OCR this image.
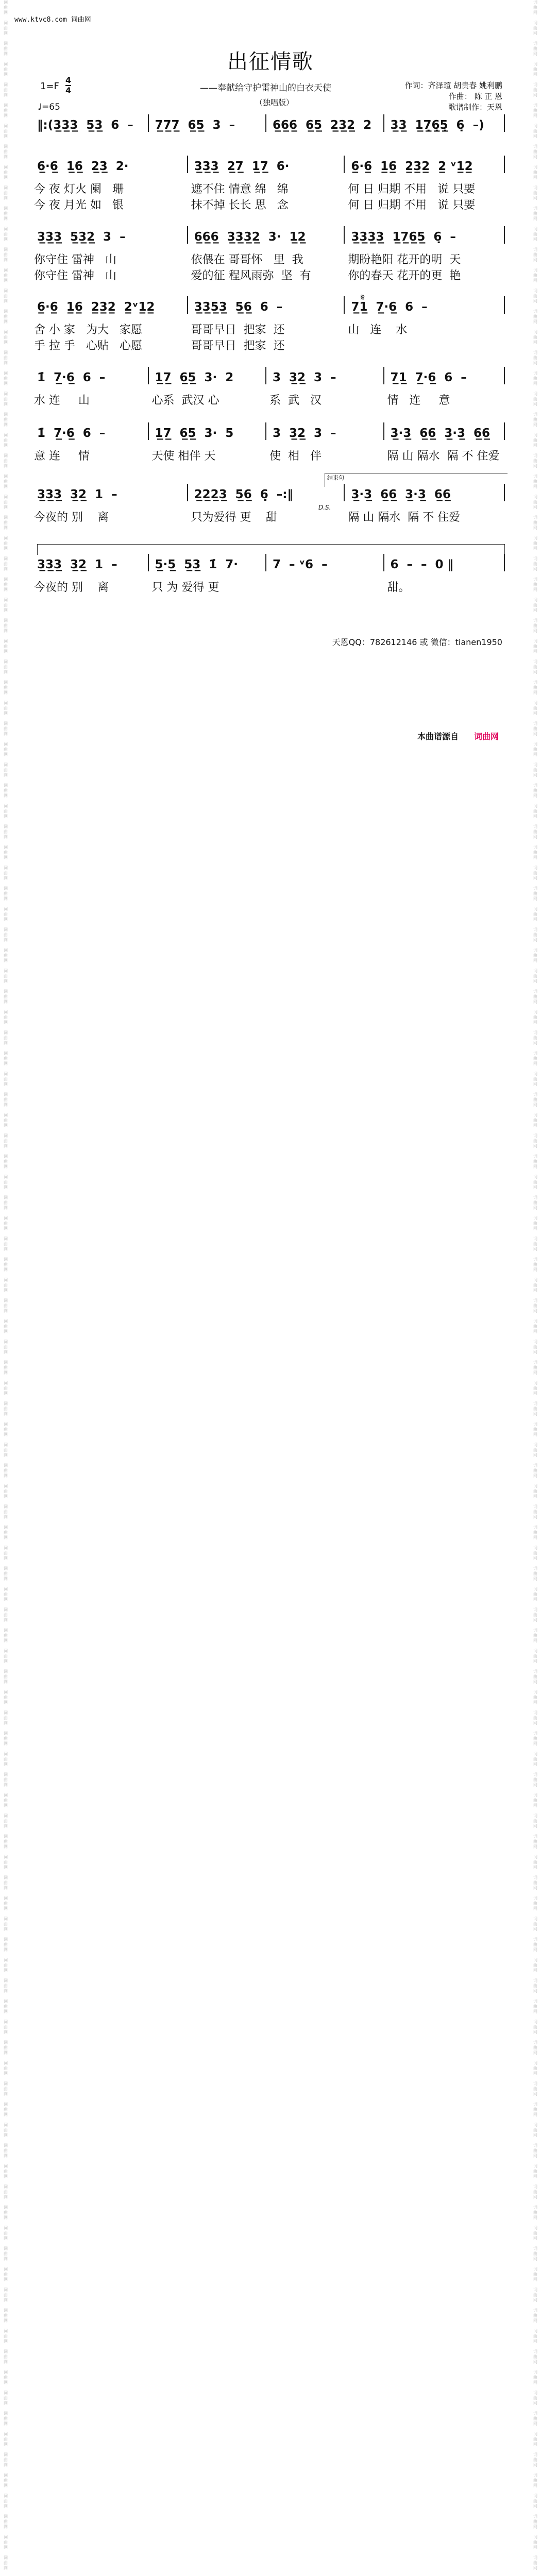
词
曲
网

词
曲
网

词
曲
网

词
曲
网

词
曲
网

词
曲
网

词
曲
网

词
曲
网

词
曲
网

词
曲
网

词
曲
网

词
曲
网

词
曲
网

词
曲
网

词
曲
网

词
曲
网

词
曲
网

词
曲
网

词
曲
网

词
曲
网

词
曲
网

词
曲
网

词
曲
网

词
曲
网

词
曲
网

词
曲
网

词
曲
网

词
曲
网

词
曲
网

词
曲
网

词
曲
网

词
曲
网

词
曲
网

词
曲
网

词
曲
网

词
曲
网

词
曲
网

词
曲
网

词
曲
网

词
曲
网

词
曲
网

词
曲
网

词
曲
网

词
曲
网

词
曲
网

词
曲
网

词
曲
网

词
曲
网

词
曲
网

词
曲
网

词
曲
网

词
曲
网

词
曲
网

词
曲
网

词
曲
网

词
曲
网

词
曲
网

词
曲
网

词
曲
网

词
曲
网

词
曲
网

词
曲
网

词
曲
网

词
曲
网

词
曲
网

词
曲
网

词
曲
网

词
曲
网

词
曲
网

词
曲
网

词
曲
网

词
曲
网

词
曲
网

词
曲
网

词
曲
网

词
曲
网

词
曲
网

词
曲
网

词
曲
网

词
曲
网

词
曲
网

词
曲
网

词
曲
网

词
曲
网

词
曲
网

词
曲
网

词
曲
网

词
曲
网

词
曲
网

词
曲
网

词
曲
网

词
曲
网

词
曲
网

词
曲
网

词
曲
网

词
曲
网

词
曲
网

词
曲
网

词
曲
网

词
曲
网

词
曲
网

词
曲
网

词
曲
网

词
曲
网

词
曲
网

词
曲
网

词
曲
网

词
曲
网

词
曲
网

词
曲
网

词
曲
网

词
曲
网

词
曲
网

词
曲
网

词
曲
网

词
曲
网

词
曲
网

词
曲
网

词
曲
网

词
曲
网

词
曲
网

词
曲
网

词
曲
网

词
曲
网

词
曲
网

词
曲
网

词
曲
网

词
曲
网

词
曲
网

词
曲
网

词
曲
网

词
曲
网

词
曲
网

词
曲
网

词
曲
网

词
曲
网

词
曲
网

词
曲
网

词
曲
网

词
曲
网

词
曲
网

词
曲
网

词
曲
网

词
曲
网

词
曲
网

词
曲
网

词
曲
网

词
曲
网

词
曲
网

词
曲
网

词
曲
网

词
曲
网

词
曲
网

词
曲
网

词
曲
网

词
曲
网

词
曲
网

词
曲
网

词
曲
网

词
曲
网

词
曲
网

词
曲
网

词
曲
网

词
曲
网

词
曲
网

词
曲
网

词
曲
网

词
曲
网

词
曲
网

词
曲
网

词
曲
网

词
曲
网

词
曲
网

词
曲
网

词
曲
网

词
曲
网

词
曲
网

词
曲
网

词
曲
网

词
曲
网

词
曲
网

词
曲
网

词
曲
网

词
曲
网

词
曲
网

词
曲
网

词
曲
网

词
曲
网

词
曲
网

词
曲
网

词
曲
网

词
曲
网

词
曲
网

词
曲
网

词
曲
网

词
曲
网

词
曲
网

词
曲
网

词
曲
网

词
曲
网

词
曲
网

词
曲
网

词
曲
网

词
曲
网

词
曲
网

词
曲
网

词
曲
网

词
曲
网

词
曲
网

词
曲
网

词
曲
网

词
曲
网

词
曲
网

词
曲
网

词
曲
网

词
曲
网

词
曲
网

词
曲
网

词
曲
网

词
曲
网

词
曲
网

词
曲
网

词
曲
网

词
曲
网

词
曲
网

词
曲
网

词
曲
网

词
曲
网

词
曲
网

词
曲
网

词
曲
网

词
曲
网

词
曲
网

词
曲
网

词
曲
网

词
曲
网

词
曲
网

词
曲
网

词
曲
网

词
曲
网

词
曲
网

词
曲
网

词
曲
网

词
曲
网

词
曲
网

词
曲
网

词
曲
网

词
曲
网

词
曲
网

词
曲
网

www.ktvc8.com 词曲网
出征情歌
1=F
4
4
♩=65
——奉献给守护雷神山的白衣天使
（独唱版）
作词：齐泽瑄 胡贵春 姚利鹏
作曲： 陈 正 恩
歌谱制作：天恩
结束句
𝄋
D.S.
‖:(3̲3̲3̲  5̲3̲  6  – 7̲7̲7̲  6̲5̲  3  –	6̲6̲6̲  6̲5̲  2̲3̲2̲  2 3̲3̲  1̲7̣̲6̣̲5̣̲  6̣  –)
6̲·6̲  1̲6̲  2̲3̲  2·	3̲3̲3̲  2̲7̲  1̲7̲  6·	6̲·6̲  1̲6̲  2̲3̲2̲  2̲ ᵛ1̲2̲
今 夜 灯火 阑   珊	遮不住 情意 绵   绵	何 日 归期 不用   说 只要
今 夜 月光 如   银	抹不掉 长长 思   念	何 日 归期 不用   说 只要
3̲3̲3̲  5̲3̲2̲  3  –	6̲6̲6̲  3̲3̲3̲2̲  3·  1̲2̲	3̲3̲3̲3̲  1̲7̲6̲5̲  6̣  –
你守住 雷神   山	依偎在 哥哥怀   里  我	期盼艳阳 花开的明  天
你守住 雷神   山	爱的征 程风雨弥  坚  有	你的春天 花开的更  艳
6̲·6̲  1̲6̲  2̲3̲2̲  2̲ᵛ1̲2̲	3̲3̲5̲3̲  5̲6̲  6  –	7̲1̲  7̲·6̲  6  –
舍 小 家   为大   家愿	哥哥早日  把家  还	山   连    水
手 拉 手   心贴   心愿	哥哥早日  把家  还
1̇  7̲·6̲  6  –	1̲7̲  6̲5̲  3·  2	3  3̲2̲  3  –	7̲1̲  7̲·6̲  6  –
水 连     山	心系  武汉 心	系  武   汉	情   连     意
1̇  7̲·6̲  6  –	1̲7̲  6̲5̲  3·  5	3  3̲2̲  3  –	3̲·3̲  6̲6̲  3̲·3̲  6̲6̲
意 连     情	天使 相伴 天	使  相   伴	隔 山 隔水  隔 不 住爱
3̲3̲3̲  3̲2̲  1  –	2̲2̲2̲3̲  5̲6̲  6̣  –:‖	3̲·3̲  6̲6̲  3̲·3̲  6̲6̲
今夜的 别    离	只为爱得 更    甜	隔 山 隔水  隔 不 住爱
3̲3̲3̲  3̲2̲  1  –	5̲·5̲  5̲3̲  1̇  7·	7  – ᵛ6  –	6  –  –  0 ‖
今夜的 别    离	只 为 爱得 更	甜。
天恩QQ：782612146 或 微信：tianen1950
本曲谱源自 词曲网
